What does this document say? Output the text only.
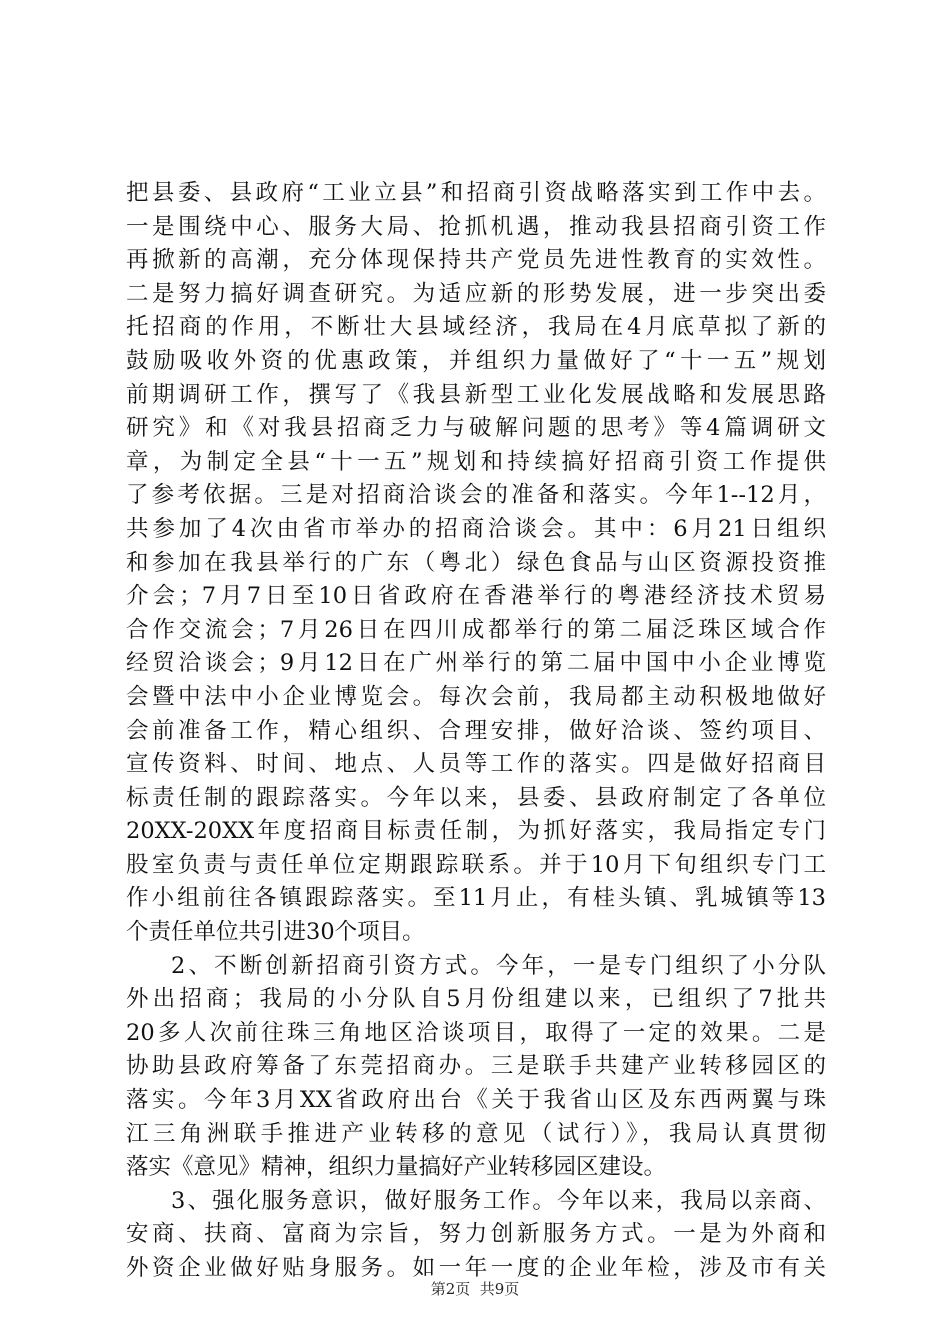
把县委、县政府“工业立县”和招商引资战略落实到工作中去。
一是围绕中心、服务大局、抢抓机遇，推动我县招商引资工作
再掀新的高潮，充分体现保持共产党员先进性教育的实效性。
二是努力搞好调查研究。为适应新的形势发展，进一步突出委
托招商的作用，不断壮大县域经济，我局在4月底草拟了新的
鼓励吸收外资的优惠政策，并组织力量做好了“十一五”规划
前期调研工作，撰写了《我县新型工业化发展战略和发展思路
研究》和《对我县招商乏力与破解问题的思考》等4篇调研文
章，为制定全县“十一五”规划和持续搞好招商引资工作提供
了参考依据。三是对招商洽谈会的准备和落实。今年1--12月，
共参加了4次由省市举办的招商洽谈会。其中：6月21日组织
和参加在我县举行的广东（粤北）绿色食品与山区资源投资推
介会；7月7日至10日省政府在香港举行的粤港经济技术贸易
合作交流会；7月26日在四川成都举行的第二届泛珠区域合作
经贸洽谈会；9月12日在广州举行的第二届中国中小企业博览
会暨中法中小企业博览会。每次会前，我局都主动积极地做好
会前准备工作，精心组织、合理安排，做好洽谈、签约项目、
宣传资料、时间、地点、人员等工作的落实。四是做好招商目
标责任制的跟踪落实。今年以来，县委、县政府制定了各单位
20XX-20XX年度招商目标责任制，为抓好落实，我局指定专门
股室负责与责任单位定期跟踪联系。并于10月下旬组织专门工
作小组前往各镇跟踪落实。至11月止，有桂头镇、乳城镇等13
个责任单位共引进30个项目。
2、不断创新招商引资方式。今年，一是专门组织了小分队
外出招商；我局的小分队自5月份组建以来，已组织了7批共
20多人次前往珠三角地区洽谈项目，取得了一定的效果。二是
协助县政府筹备了东莞招商办。三是联手共建产业转移园区的
落实。今年3月XX省政府出台《关于我省山区及东西两翼与珠
江三角洲联手推进产业转移的意见（试行）》，我局认真贯彻
落实《意见》精神，组织力量搞好产业转移园区建设。
3、强化服务意识，做好服务工作。今年以来，我局以亲商、
安商、扶商、富商为宗旨，努力创新服务方式。一是为外商和
外资企业做好贴身服务。如一年一度的企业年检，涉及市有关
第2页  共9页
